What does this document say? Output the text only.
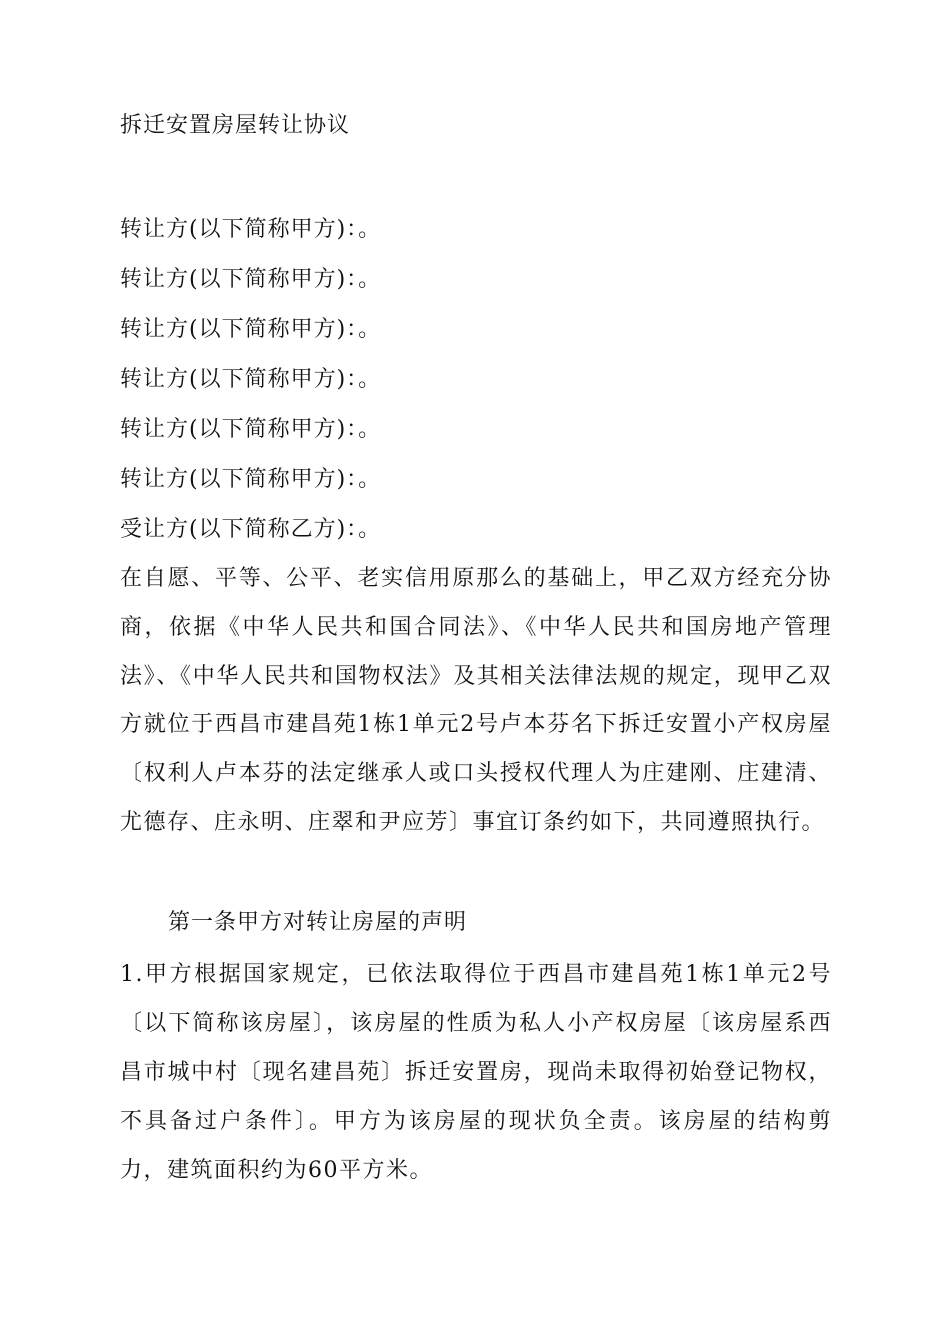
拆迁安置房屋转让协议
转让方(以下简称甲方)：。
转让方(以下简称甲方)：。
转让方(以下简称甲方)：。
转让方(以下简称甲方)：。
转让方(以下简称甲方)：。
转让方(以下简称甲方)：。
受让方(以下简称乙方)：。

在自愿、平等、公平、老实信用原那么的基础上，甲乙双方经充分协商，依据《中华人民共和国合同法》、《中华人民共和国房地产管理法》、《中华人民共和国物权法》及其相关法律法规的规定，现甲乙双方就位于西昌市建昌苑1栋1单元2号卢本芬名下拆迁安置小产权房屋〔权利人卢本芬的法定继承人或口头授权代理人为庄建刚、庄建清、尤德存、庄永明、庄翠和尹应芳〕事宜订条约如下，共同遵照执行。

第一条甲方对转让房屋的声明

1.甲方根据国家规定，已依法取得位于西昌市建昌苑1栋1单元2号〔以下简称该房屋〕，该房屋的性质为私人小产权房屋〔该房屋系西昌市城中村〔现名建昌苑〕拆迁安置房，现尚未取得初始登记物权，不具备过户条件〕。甲方为该房屋的现状负全责。该房屋的结构剪力，建筑面积约为60平方米。
